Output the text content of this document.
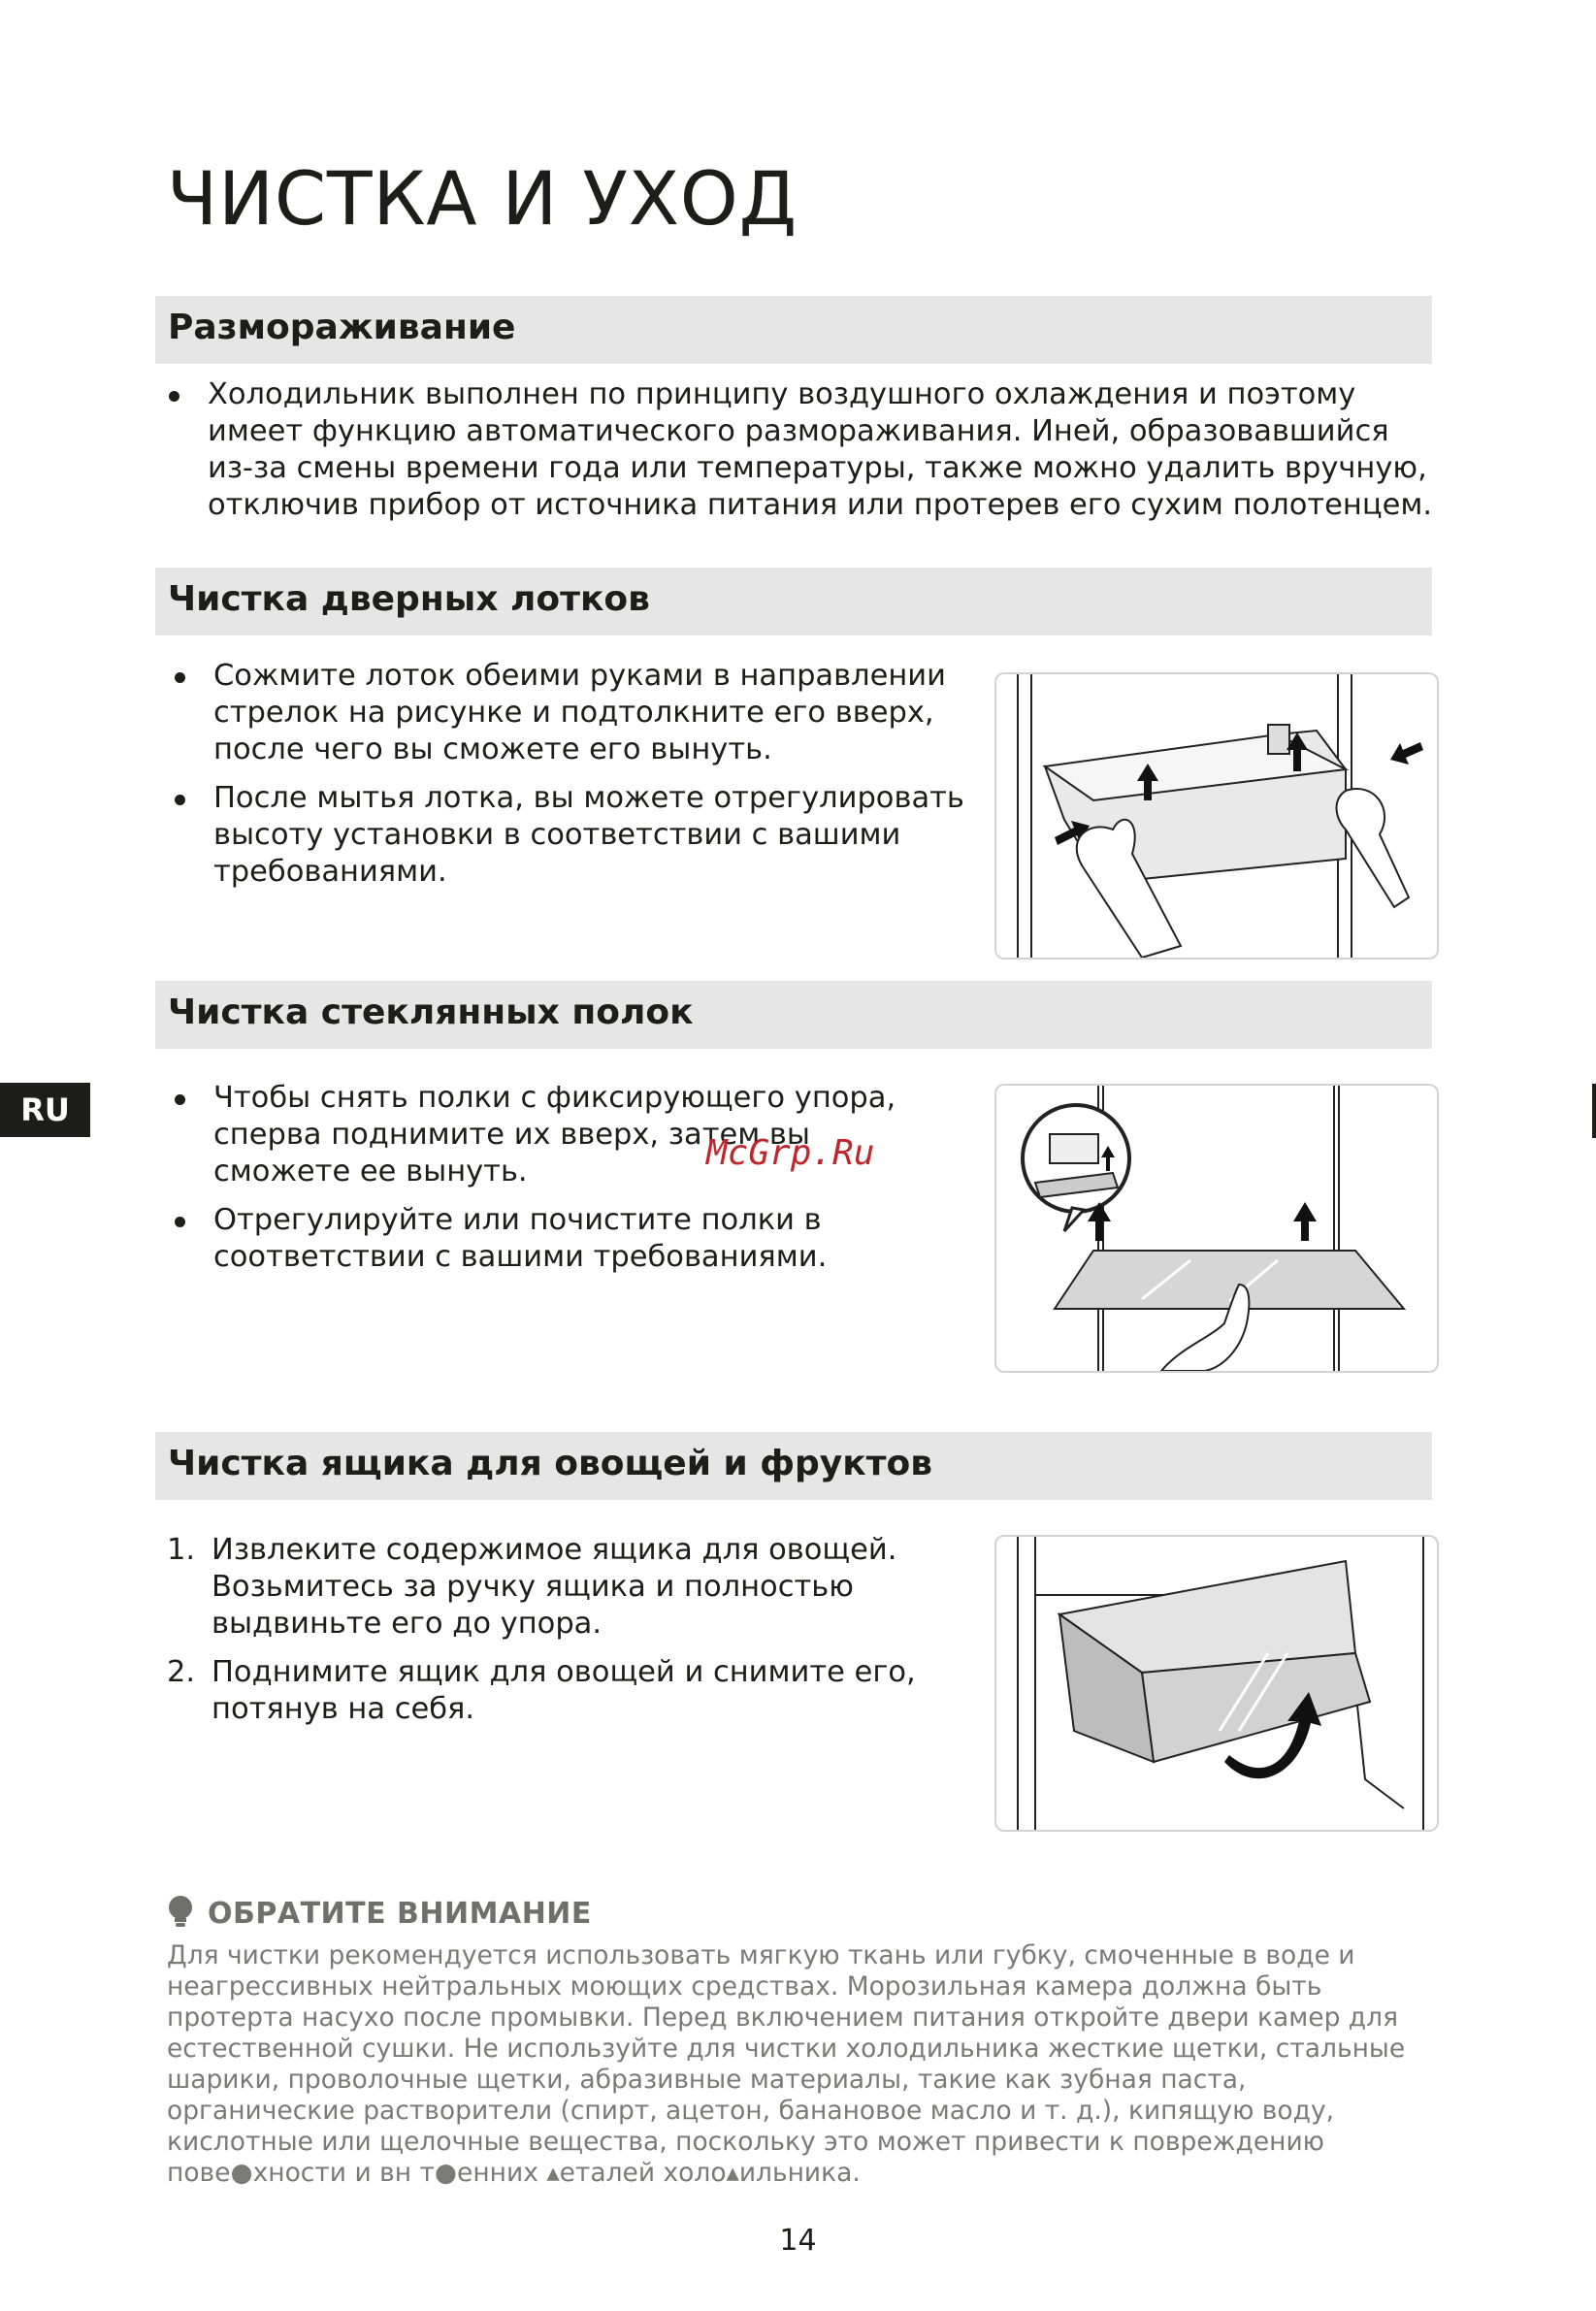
ЧИСТКА И УХОД
Размораживание
Холодильник выполнен по принципу воздушного охлаждения и поэтому имеет функцию автоматического размораживания. Иней, образовавшийся из-за смены времени года или температуры, также можно удалить вручную, отключив прибор от источника питания или протерев его сухим полотенцем.
Чистка дверных лотков
Сожмите лоток обеими руками в направлении стрелок на рисунке и подтолкните его вверх, после чего вы сможете его вынуть.
После мытья лотка, вы можете отрегулировать высоту установки в соответствии с вашими требованиями.
Чистка стеклянных полок
Чтобы снять полки с фиксирующего упора, сперва поднимите их вверх, затем вы сможете ее вынуть.
Отрегулируйте или почистите полки в соответствии с вашими требованиями.
Чистка ящика для овощей и фруктов
1. Извлеките содержимое ящика для овощей. Возьмитесь за ручку ящика и полностью выдвиньте его до упора.
2. Поднимите ящик для овощей и снимите его, потянув на себя.
RU
McGrp.Ru
ОБРАТИТЕ ВНИМАНИЕ

Для чистки рекомендуется использовать мягкую ткань или губку, смоченные в воде и неагрессивных нейтральных моющих средствах. Морозильная камера должна быть протерта насухо после промывки. Перед включением питания откройте двери камер для естественной сушки. Не используйте для чистки холодильника жесткие щетки, стальные шарики, проволочные щетки, абразивные материалы, такие как зубная паста, органические растворители (спирт, ацетон, банановое масло и т. д.), кипящую воду, кислотные или щелочные вещества, поскольку это может привести к повреждению пове●хности и вн т●енних ▴еталей холо▴ильника.

14
